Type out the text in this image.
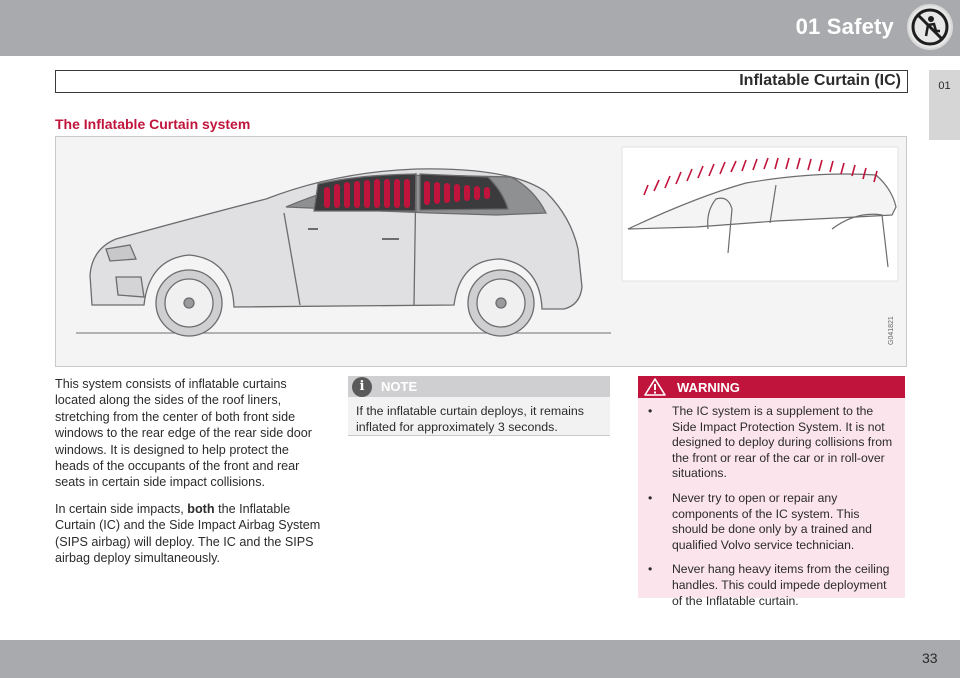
01 Safety
Inflatable Curtain (IC)	01
The Inflatable Curtain system
G041821

This system consists of inflatable curtains located along the sides of the roof liners, stretching from the center of both front side windows to the rear edge of the rear side door windows. It is designed to help protect the heads of the occupants of the front and rear seats in certain side impact collisions.

In certain side impacts, both the Inflatable Curtain (IC) and the Side Impact Airbag System (SIPS airbag) will deploy. The IC and the SIPS airbag deploy simultaneously.

i	NOTE
If the inflatable curtain deploys, it remains inflated for approximately 3 seconds.
WARNING
• The IC system is a supplement to the Side Impact Protection System. It is not designed to deploy during collisions from the front or rear of the car or in roll-over situations.
• Never try to open or repair any components of the IC system. This should be done only by a trained and qualified Volvo service technician.
• Never hang heavy items from the ceiling handles. This could impede deployment of the Inflatable curtain.
33
